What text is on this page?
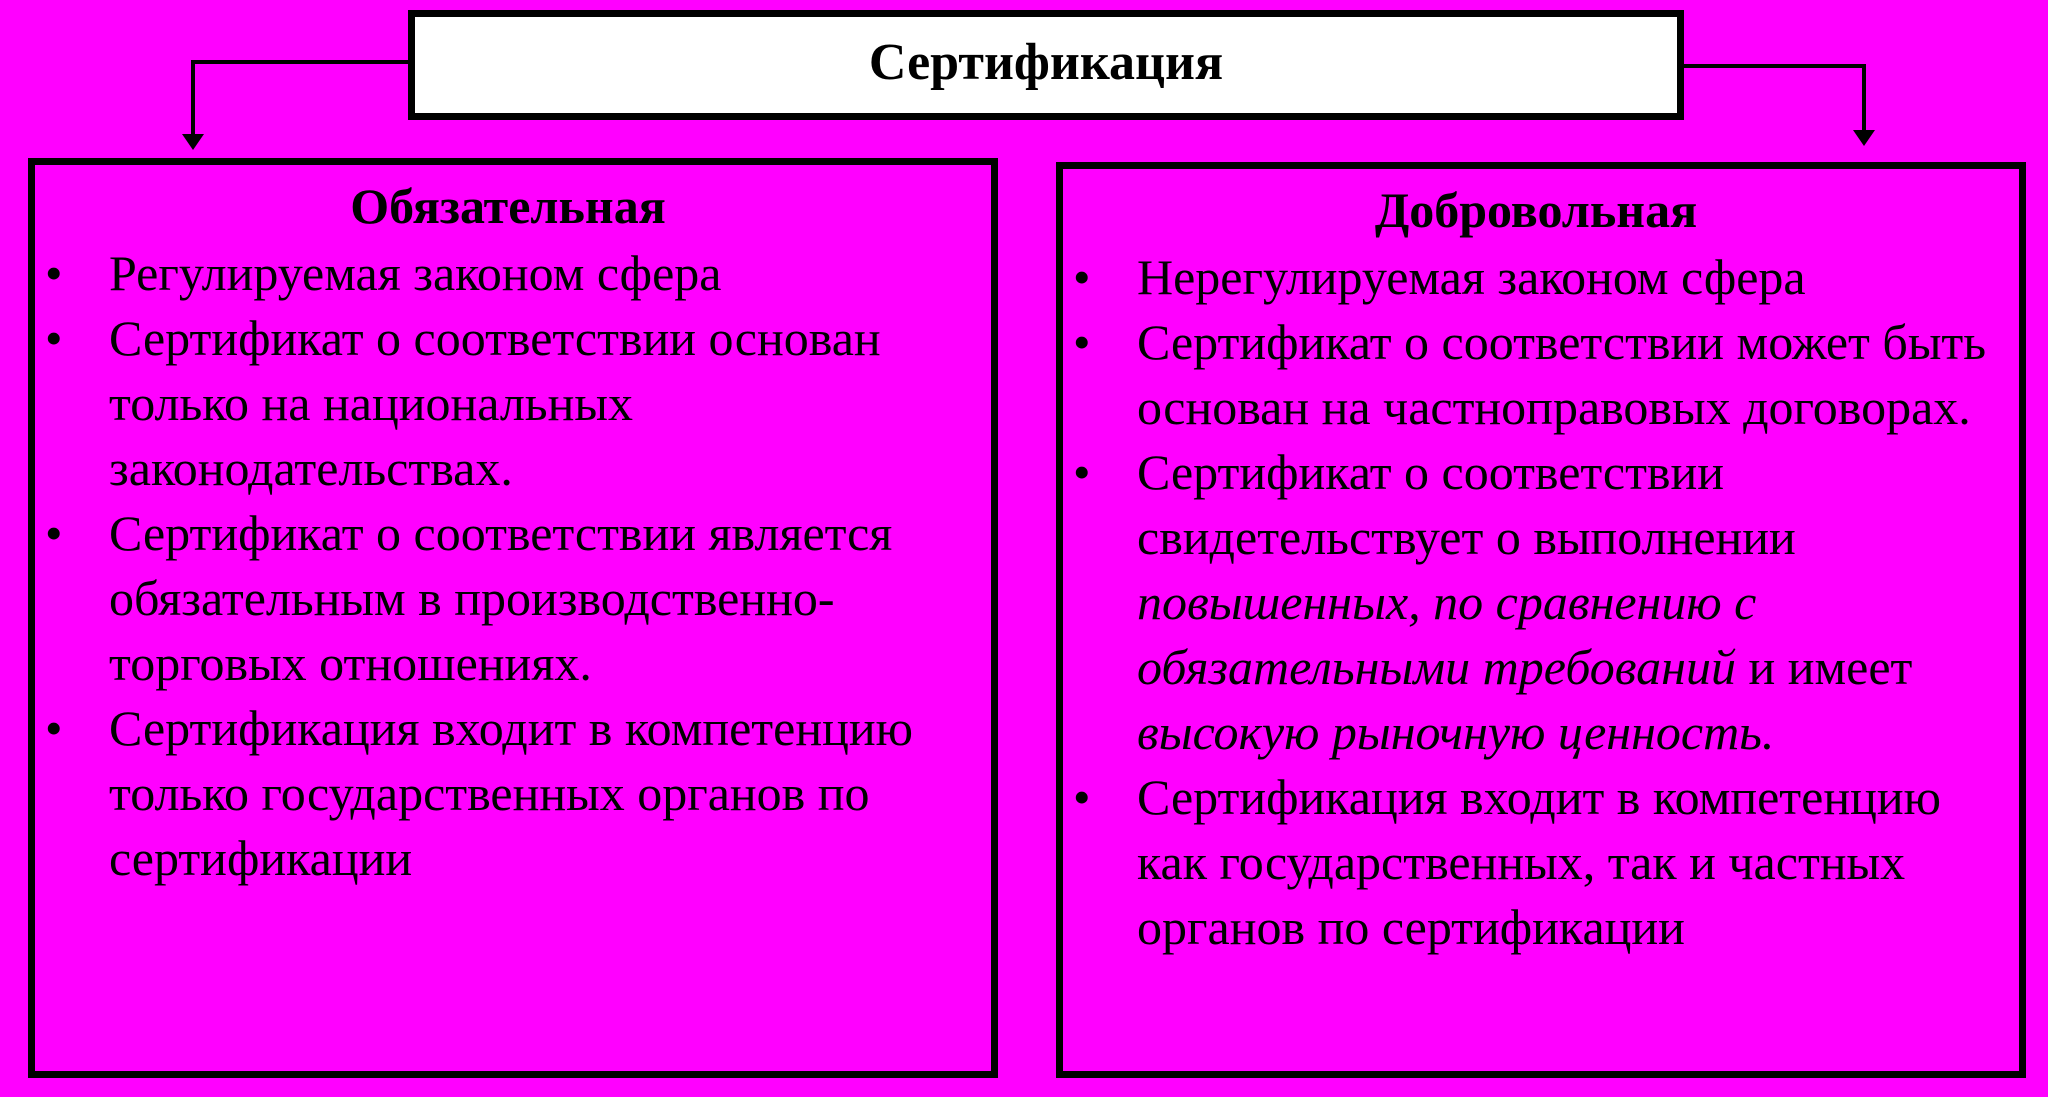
Сертификация
Обязательная
• Регулируемая законом сфера
• Сертификат о соответствии основан только на национальных законодательствах.
• Сертификат о соответствии является обязательным в производственно-торговых отношениях.
• Сертификация входит в компетенцию только государственных органов по сертификации
Добровольная
• Нерегулируемая законом сфера
• Сертификат о соответствии может быть основан на частноправовых договорах.
• Сертификат о соответствии свидетельствует о выполнении повышенных, по сравнению с обязательными требований и имеет высокую рыночную ценность.
• Сертификация входит в компетенцию как государственных, так и частных органов по сертификации
